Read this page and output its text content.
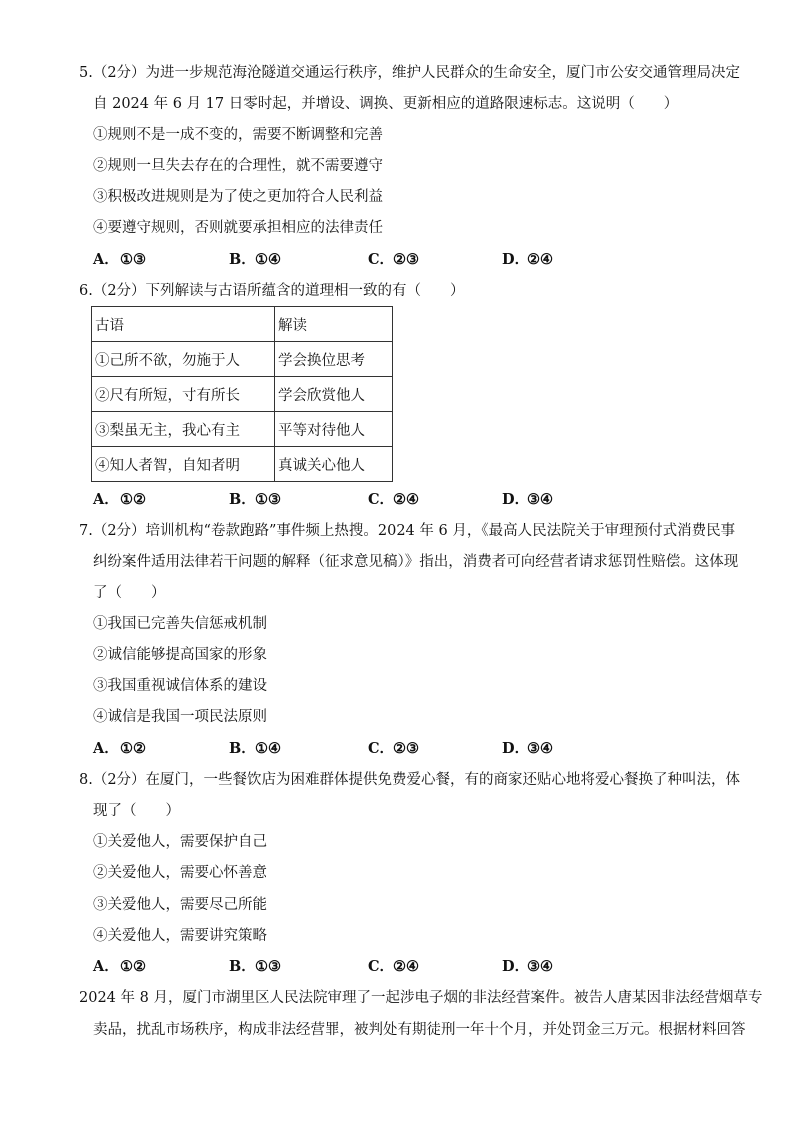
5.（2分）为进一步规范海沧隧道交通运行秩序，维护人民群众的生命安全，厦门市公安交通管理局决定
自 2024 年 6 月 17 日零时起，并增设、调换、更新相应的道路限速标志。这说明（　　）
①规则不是一成不变的，需要不断调整和完善
②规则一旦失去存在的合理性，就不需要遵守
③积极改进规则是为了使之更加符合人民利益
④要遵守规则，否则就要承担相应的法律责任
A． ①③	B． ①④	C．
②③	D．
②④
6.（2分）下列解读与古语所蕴含的道理相一致的有（　　）
古语	解读
①己所不欲，勿施于人	学会换位思考
②尺有所短，寸有所长	学会欣赏他人
③梨虽无主，我心有主	平等对待他人
④知人者智，自知者明	真诚关心他人
A． ①②	B． ①③	C．
②④	D．
③④
7.（2分）培训机构“卷款跑路”事件频上热搜。2024 年 6 月，《最高人民法院关于审理预付式消费民事
纠纷案件适用法律若干问题的解释（征求意见稿）》指出，消费者可向经营者请求惩罚性赔偿。这体现
了（　　）
①我国已完善失信惩戒机制
②诚信能够提高国家的形象
③我国重视诚信体系的建设
④诚信是我国一项民法原则
A． ①②	B． ①④	C．
②③	D．
③④
8.（2分）在厦门，一些餐饮店为困难群体提供免费爱心餐，有的商家还贴心地将爱心餐换了种叫法，体
现了（　　）
①关爱他人，需要保护自己
②关爱他人，需要心怀善意
③关爱他人，需要尽己所能
④关爱他人，需要讲究策略
A． ①②	B． ①③	C．
②④	D．
③④
2024 年 8 月，厦门市湖里区人民法院审理了一起涉电子烟的非法经营案件。被告人唐某因非法经营烟草专
卖品，扰乱市场秩序，构成非法经营罪，被判处有期徒刑一年十个月，并处罚金三万元。根据材料回答
